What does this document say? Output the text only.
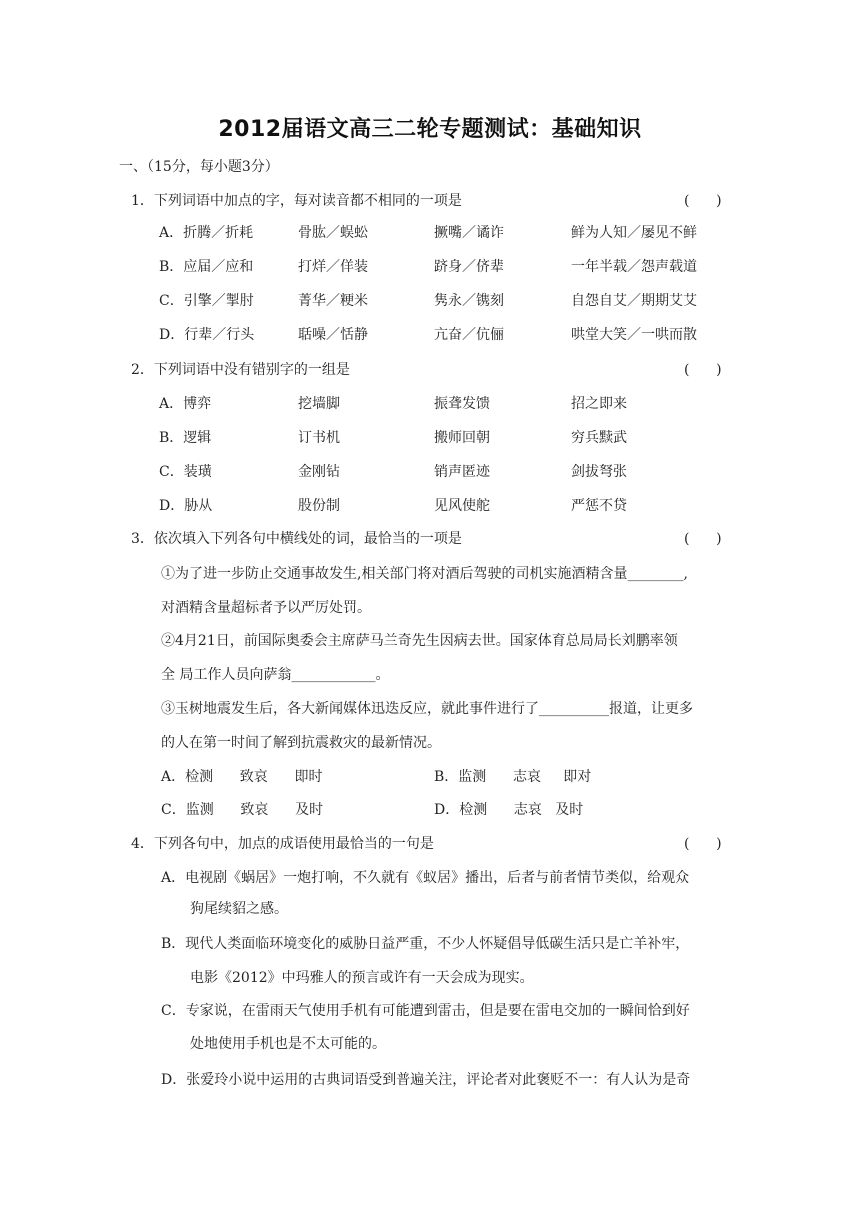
2012届语文高三二轮专题测试：基础知识
一、（15分，每小题3分）
1．下列词语中加点的字，每对读音都不相同的一项是	(      )
A．折腾／折耗	骨肱／蜈蚣	撅嘴／谲诈	鲜为人知／屡见不鲜
B．应届／应和	打烊／佯装	跻身／侪辈	一年半载／怨声载道
C．引擎／掣肘	菁华／粳米	隽永／镌刻	自怨自艾／期期艾艾
D．行辈／行头	聒噪／恬静	亢奋／伉俪	哄堂大笑／一哄而散
2．下列词语中没有错别字的一组是	(      )
A．博弈	挖墙脚	振聋发馈	招之即来
B．逻辑	订书机	搬师回朝	穷兵黩武
C．装璜	金刚钻	销声匿迹	剑拔弩张
D．胁从	股份制	见风使舵	严惩不贷
3．依次填入下列各句中横线处的词，最恰当的一项是	(      )
①为了进一步防止交通事故发生,相关部门将对酒后驾驶的司机实施酒精含量________,
对酒精含量超标者予以严厉处罚。
②4月21日，前国际奥委会主席萨马兰奇先生因病去世。国家体育总局局长刘鹏率领
全 局工作人员向萨翁____________。
③玉树地震发生后，各大新闻媒体迅迭反应，就此事件进行了__________报道，让更多
的人在第一时间了解到抗震救灾的最新情况。
A．检测      致哀      即时	B．监测      志哀     即对
C．监测      致哀      及时	D．检测      志哀   及时
4．下列各句中，加点的成语使用最恰当的一句是	(      )
A．电视剧《蜗居》一炮打响，不久就有《蚁居》播出，后者与前者情节类似，给观众
狗尾续貂之感。
B．现代人类面临环境变化的威胁日益严重，不少人怀疑倡导低碳生活只是亡羊补牢，
电影《2012》中玛雅人的预言或许有一天会成为现实。
C．专家说，在雷雨天气使用手机有可能遭到雷击，但是要在雷电交加的一瞬间恰到好
处地使用手机也是不太可能的。
D．张爱玲小说中运用的古典词语受到普遍关注，评论者对此褒贬不一：有人认为是奇
